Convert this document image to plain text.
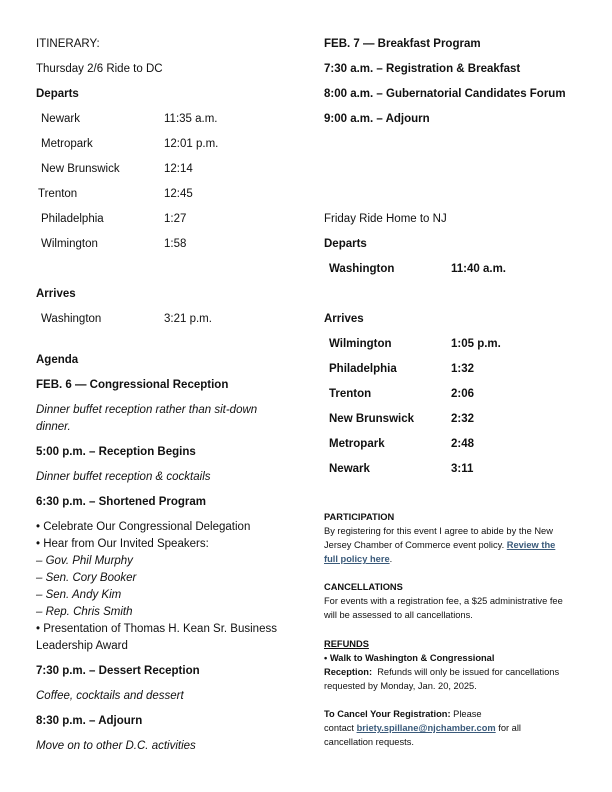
ITINERARY:
Thursday 2/6 Ride to DC
Departs
Newark	11:35 a.m.
Metropark	12:01 p.m.
New Brunswick	12:14
Trenton	12:45
Philadelphia	1:27
Wilmington	1:58
Arrives
Washington	3:21 p.m.
Agenda
FEB. 6 — Congressional Reception
Dinner buffet reception rather than sit-down
dinner.
5:00 p.m. – Reception Begins
Dinner buffet reception & cocktails
6:30 p.m. – Shortened Program
• Celebrate Our Congressional Delegation
• Hear from Our Invited Speakers:
– Gov. Phil Murphy
– Sen. Cory Booker
– Sen. Andy Kim
– Rep. Chris Smith
• Presentation of Thomas H. Kean Sr. Business
Leadership Award
7:30 p.m. – Dessert Reception
Coffee, cocktails and dessert
8:30 p.m. – Adjourn
Move on to other D.C. activities
FEB. 7 — Breakfast Program
7:30 a.m. – Registration & Breakfast
8:00 a.m. – Gubernatorial Candidates Forum
9:00 a.m. – Adjourn
Friday Ride Home to NJ
Departs
Washington	11:40 a.m.
Arrives
Wilmington	1:05 p.m.
Philadelphia	1:32
Trenton	2:06
New Brunswick	2:32
Metropark	2:48
Newark	3:11
PARTICIPATION
By registering for this event I agree to abide by the New
Jersey Chamber of Commerce event policy. Review the
full policy here.
CANCELLATIONS
For events with a registration fee, a $25 administrative fee
will be assessed to all cancellations.
REFUNDS
• Walk to Washington & Congressional
Reception:  Refunds will only be issued for cancellations
requested by Monday, Jan. 20, 2025.
To Cancel Your Registration: Please
contact briety.spillane@njchamber.com for all
cancellation requests.
